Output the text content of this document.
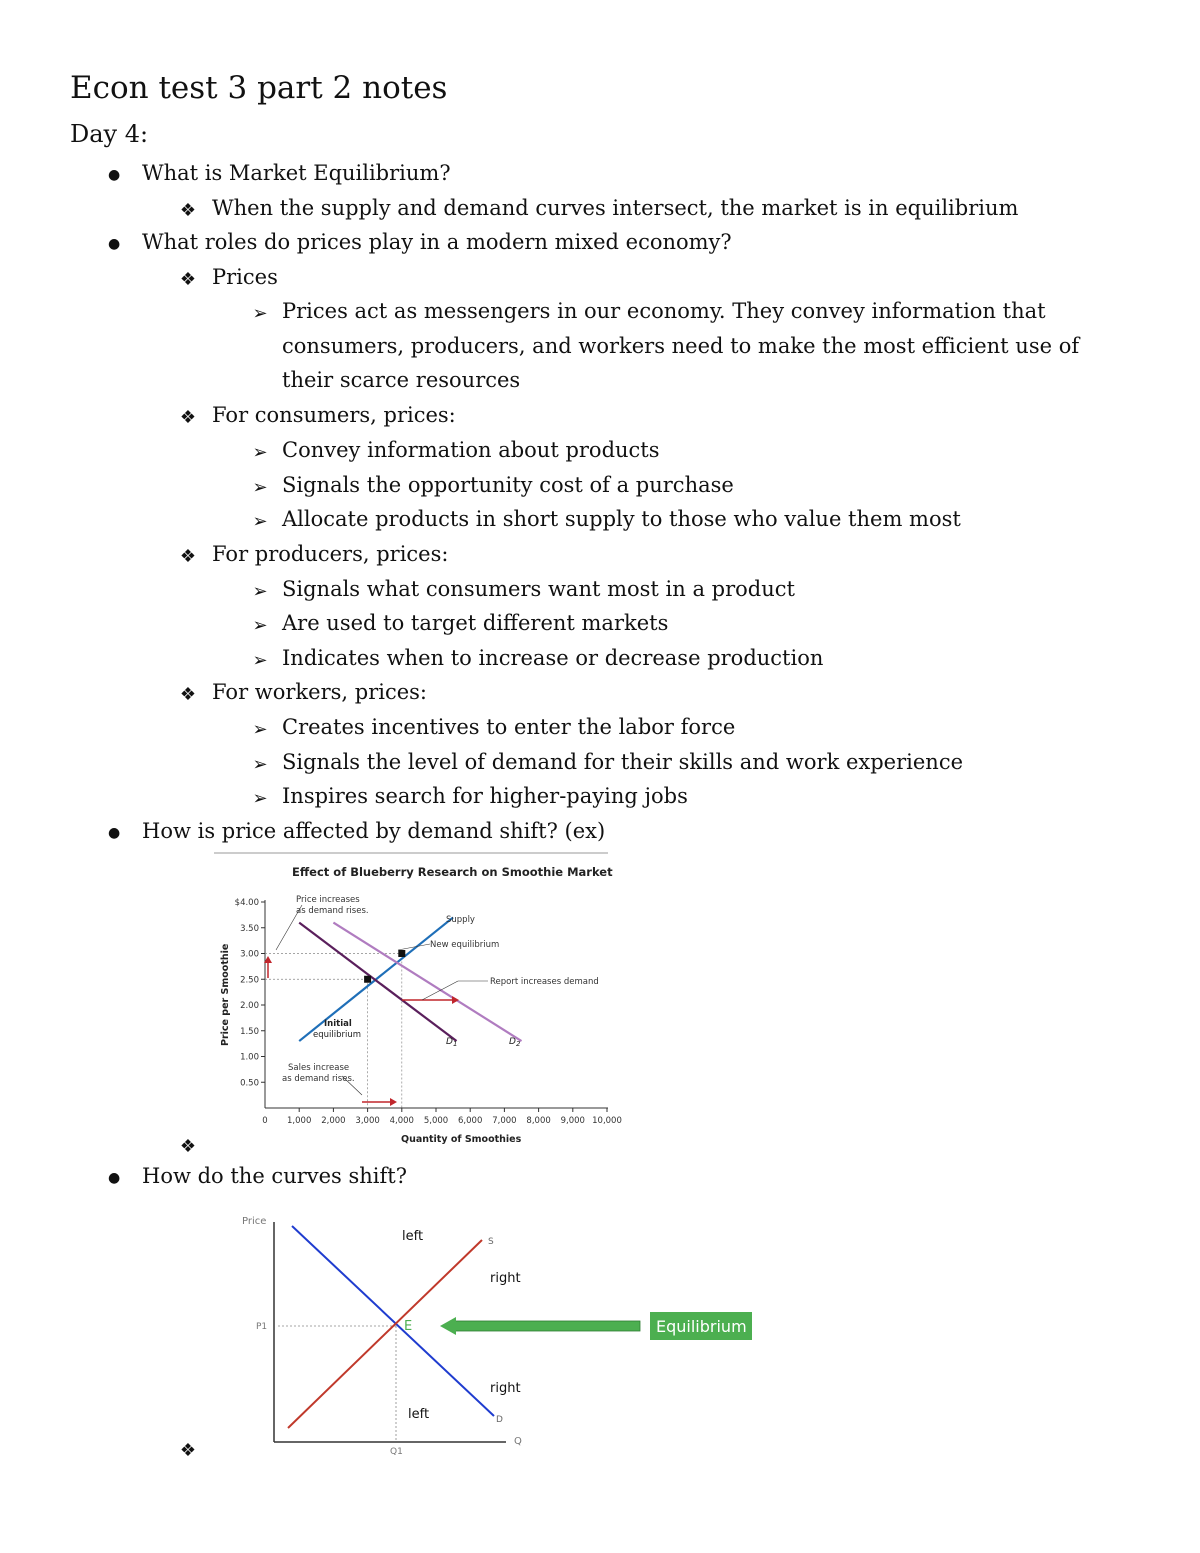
Econ test 3 part 2 notes
Day 4:
● What is Market Equilibrium?
❖ When the supply and demand curves intersect, the market is in equilibrium
● What roles do prices play in a modern mixed economy?
❖ Prices
➢ Prices act as messengers in our economy. They convey information that
consumers, producers, and workers need to make the most efficient use of
their scarce resources
❖ For consumers, prices:
➢ Convey information about products
➢ Signals the opportunity cost of a purchase
➢ Allocate products in short supply to those who value them most
❖ For producers, prices:
➢ Signals what consumers want most in a product
➢ Are used to target different markets
➢ Indicates when to increase or decrease production
❖ For workers, prices:
➢ Creates incentives to enter the labor force
➢ Signals the level of demand for their skills and work experience
➢ Inspires search for higher-paying jobs
● How is price affected by demand shift? (ex)
Effect of Blueberry Research on Smoothie Market
0.50
1.00
1.50
2.00
2.50
3.00
3.50
$4.00
0 1,000 2,000 3,000 4,000 5,000 6,000 7,000 8,000 9,000 10,000
Price per Smoothie
Quantity of Smoothies
Price increases
as demand rises.
Supply
New equilibrium
Report increases demand
Initial
equilibrium
Sales increase
as demand rises.
$D_1$	$D_2$
❖
● How do the curves shift?
Price
Q
P1
Q1
S
D
E
left
right
right
left
Equilibrium
❖
